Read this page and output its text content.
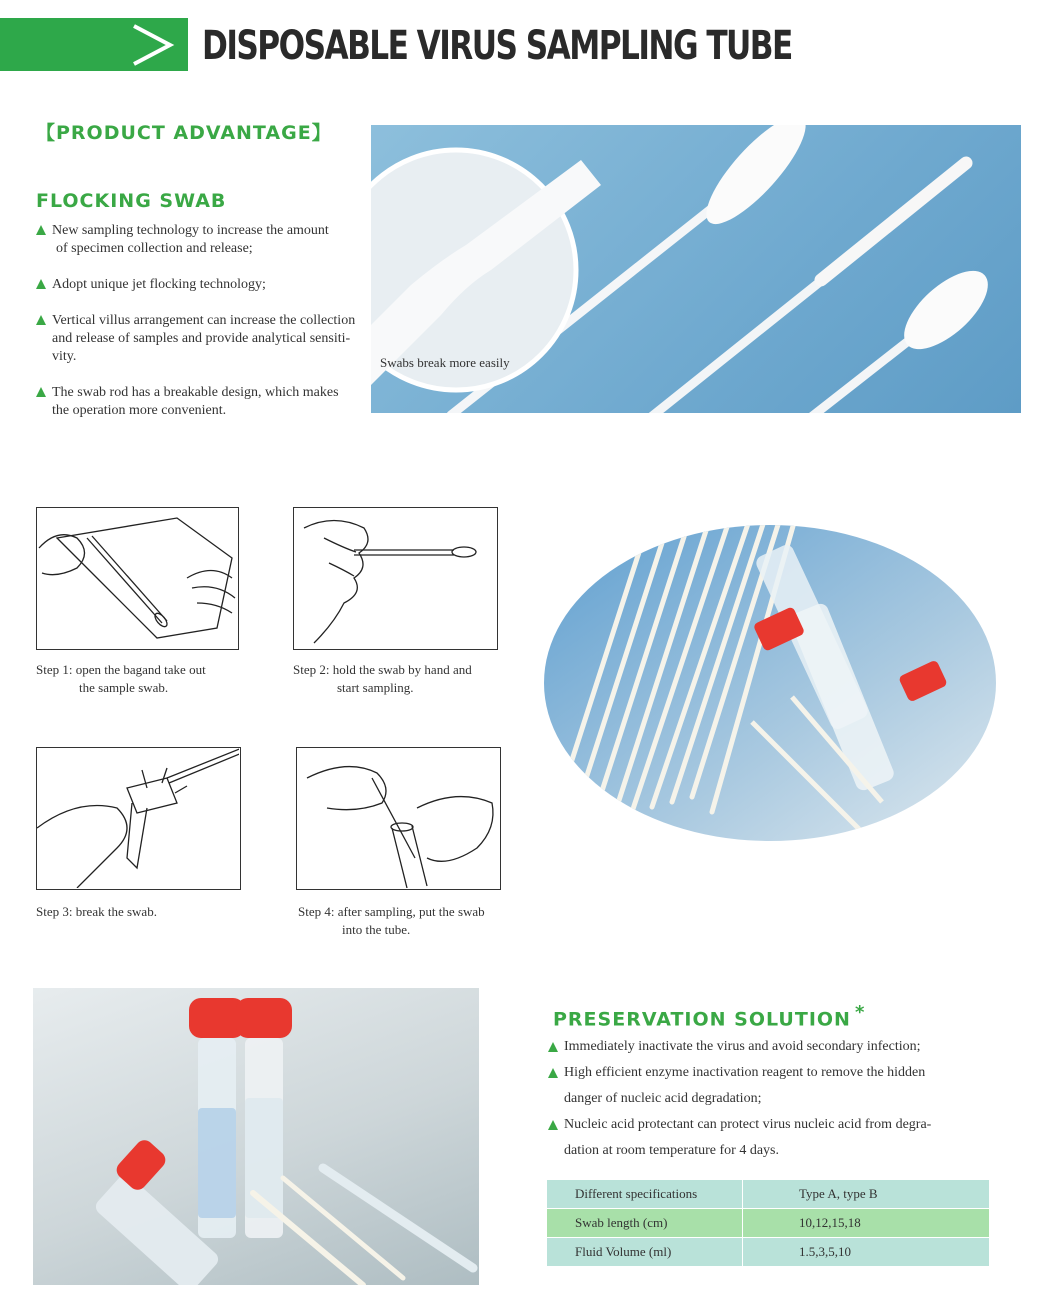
DISPOSABLE VIRUS SAMPLING TUBE
【PRODUCT ADVANTAGE】
FLOCKING SWAB
New sampling technology to increase the amount
of specimen collection and release;
Adopt unique jet flocking technology;
Vertical villus arrangement can increase the collection
and release of samples and provide analytical sensiti-
vity.
The swab rod has a breakable design, which makes
the operation more convenient.
Swabs break more easily
Step 1: open the bagand take out
the sample swab.
Step 2: hold the swab by hand and
start sampling.
Step 3: break the swab.	Step 4: after sampling, put the swab
into the tube.
PRESERVATION SOLUTION *
Immediately inactivate the virus and avoid secondary infection;
High efficient enzyme inactivation reagent to remove the hidden
danger of nucleic acid degradation;
Nucleic acid protectant can protect virus nucleic acid from degra-
dation at room temperature for 4 days.
Different specifications	Type A, type B
Swab length (cm)	10,12,15,18
Fluid Volume (ml)	1.5,3,5,10
